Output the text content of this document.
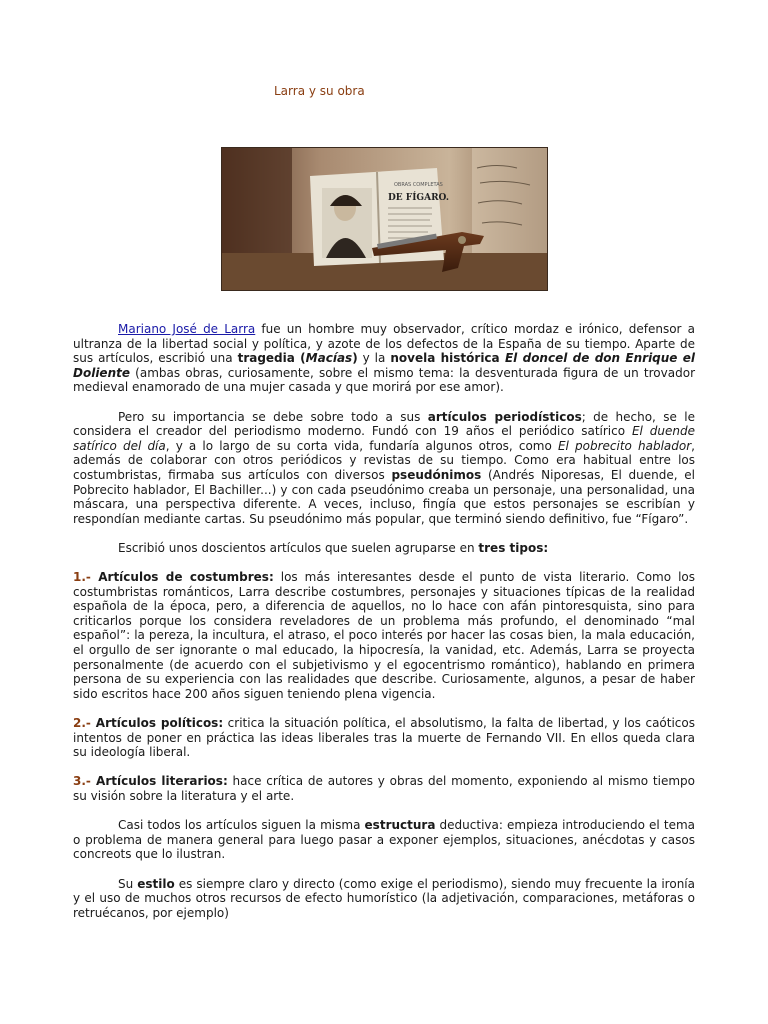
Larra y su obra
OBRAS COMPLETAS
DE FÍGARO.

Mariano José de Larra fue un hombre muy observador, crítico mordaz e irónico, defensor a ultranza de la libertad social y política, y azote de los defectos de la España de su tiempo. Aparte de sus artículos, escribió una tragedia (Macías) y la novela histórica El doncel de don Enrique el Doliente (ambas obras, curiosamente, sobre el mismo tema: la desventurada figura de un trovador medieval enamorado de una mujer casada y que morirá por ese amor).

Pero su importancia se debe sobre todo a sus artículos periodísticos; de hecho, se le considera el creador del periodismo moderno. Fundó con 19 años el periódico satírico El duende satírico del día, y a lo largo de su corta vida, fundaría algunos otros, como El pobrecito hablador, además de colaborar con otros periódicos y revistas de su tiempo. Como era habitual entre los costumbristas, firmaba sus artículos con diversos pseudónimos (Andrés Niporesas, El duende, el Pobrecito hablador, El Bachiller...) y con cada pseudónimo creaba un personaje, una personalidad, una máscara, una perspectiva diferente. A veces, incluso, fingía que estos personajes se escribían y respondían mediante cartas. Su pseudónimo más popular, que terminó siendo definitivo, fue “Fígaro”.

Escribió unos doscientos artículos que suelen agruparse en tres tipos:

1.- Artículos de costumbres: los más interesantes desde el punto de vista literario. Como los costumbristas románticos, Larra describe costumbres, personajes y situaciones típicas de la realidad española de la época, pero, a diferencia de aquellos, no lo hace con afán pintoresquista, sino para criticarlos porque los considera reveladores de un problema más profundo, el denominado “mal español”: la pereza, la incultura, el atraso, el poco interés por hacer las cosas bien, la mala educación, el orgullo de ser ignorante o mal educado, la hipocresía, la vanidad, etc. Además, Larra se proyecta personalmente (de acuerdo con el subjetivismo y el egocentrismo romántico), hablando en primera persona de su experiencia con las realidades que describe. Curiosamente, algunos, a pesar de haber sido escritos hace 200 años siguen teniendo plena vigencia.

2.- Artículos políticos: critica la situación política, el absolutismo, la falta de libertad, y los caóticos intentos de poner en práctica las ideas liberales tras la muerte de Fernando VII. En ellos queda clara su ideología liberal.

3.- Artículos literarios: hace crítica de autores y obras del momento, exponiendo al mismo tiempo su visión sobre la literatura y el arte.

Casi todos los artículos siguen la misma estructura deductiva: empieza introduciendo el tema o problema de manera general para luego pasar a exponer ejemplos, situaciones, anécdotas y casos concreots que lo ilustran.

Su estilo es siempre claro y directo (como exige el periodismo), siendo muy frecuente la ironía y el uso de muchos otros recursos de efecto humorístico (la adjetivación, comparaciones, metáforas o retruécanos, por ejemplo)
